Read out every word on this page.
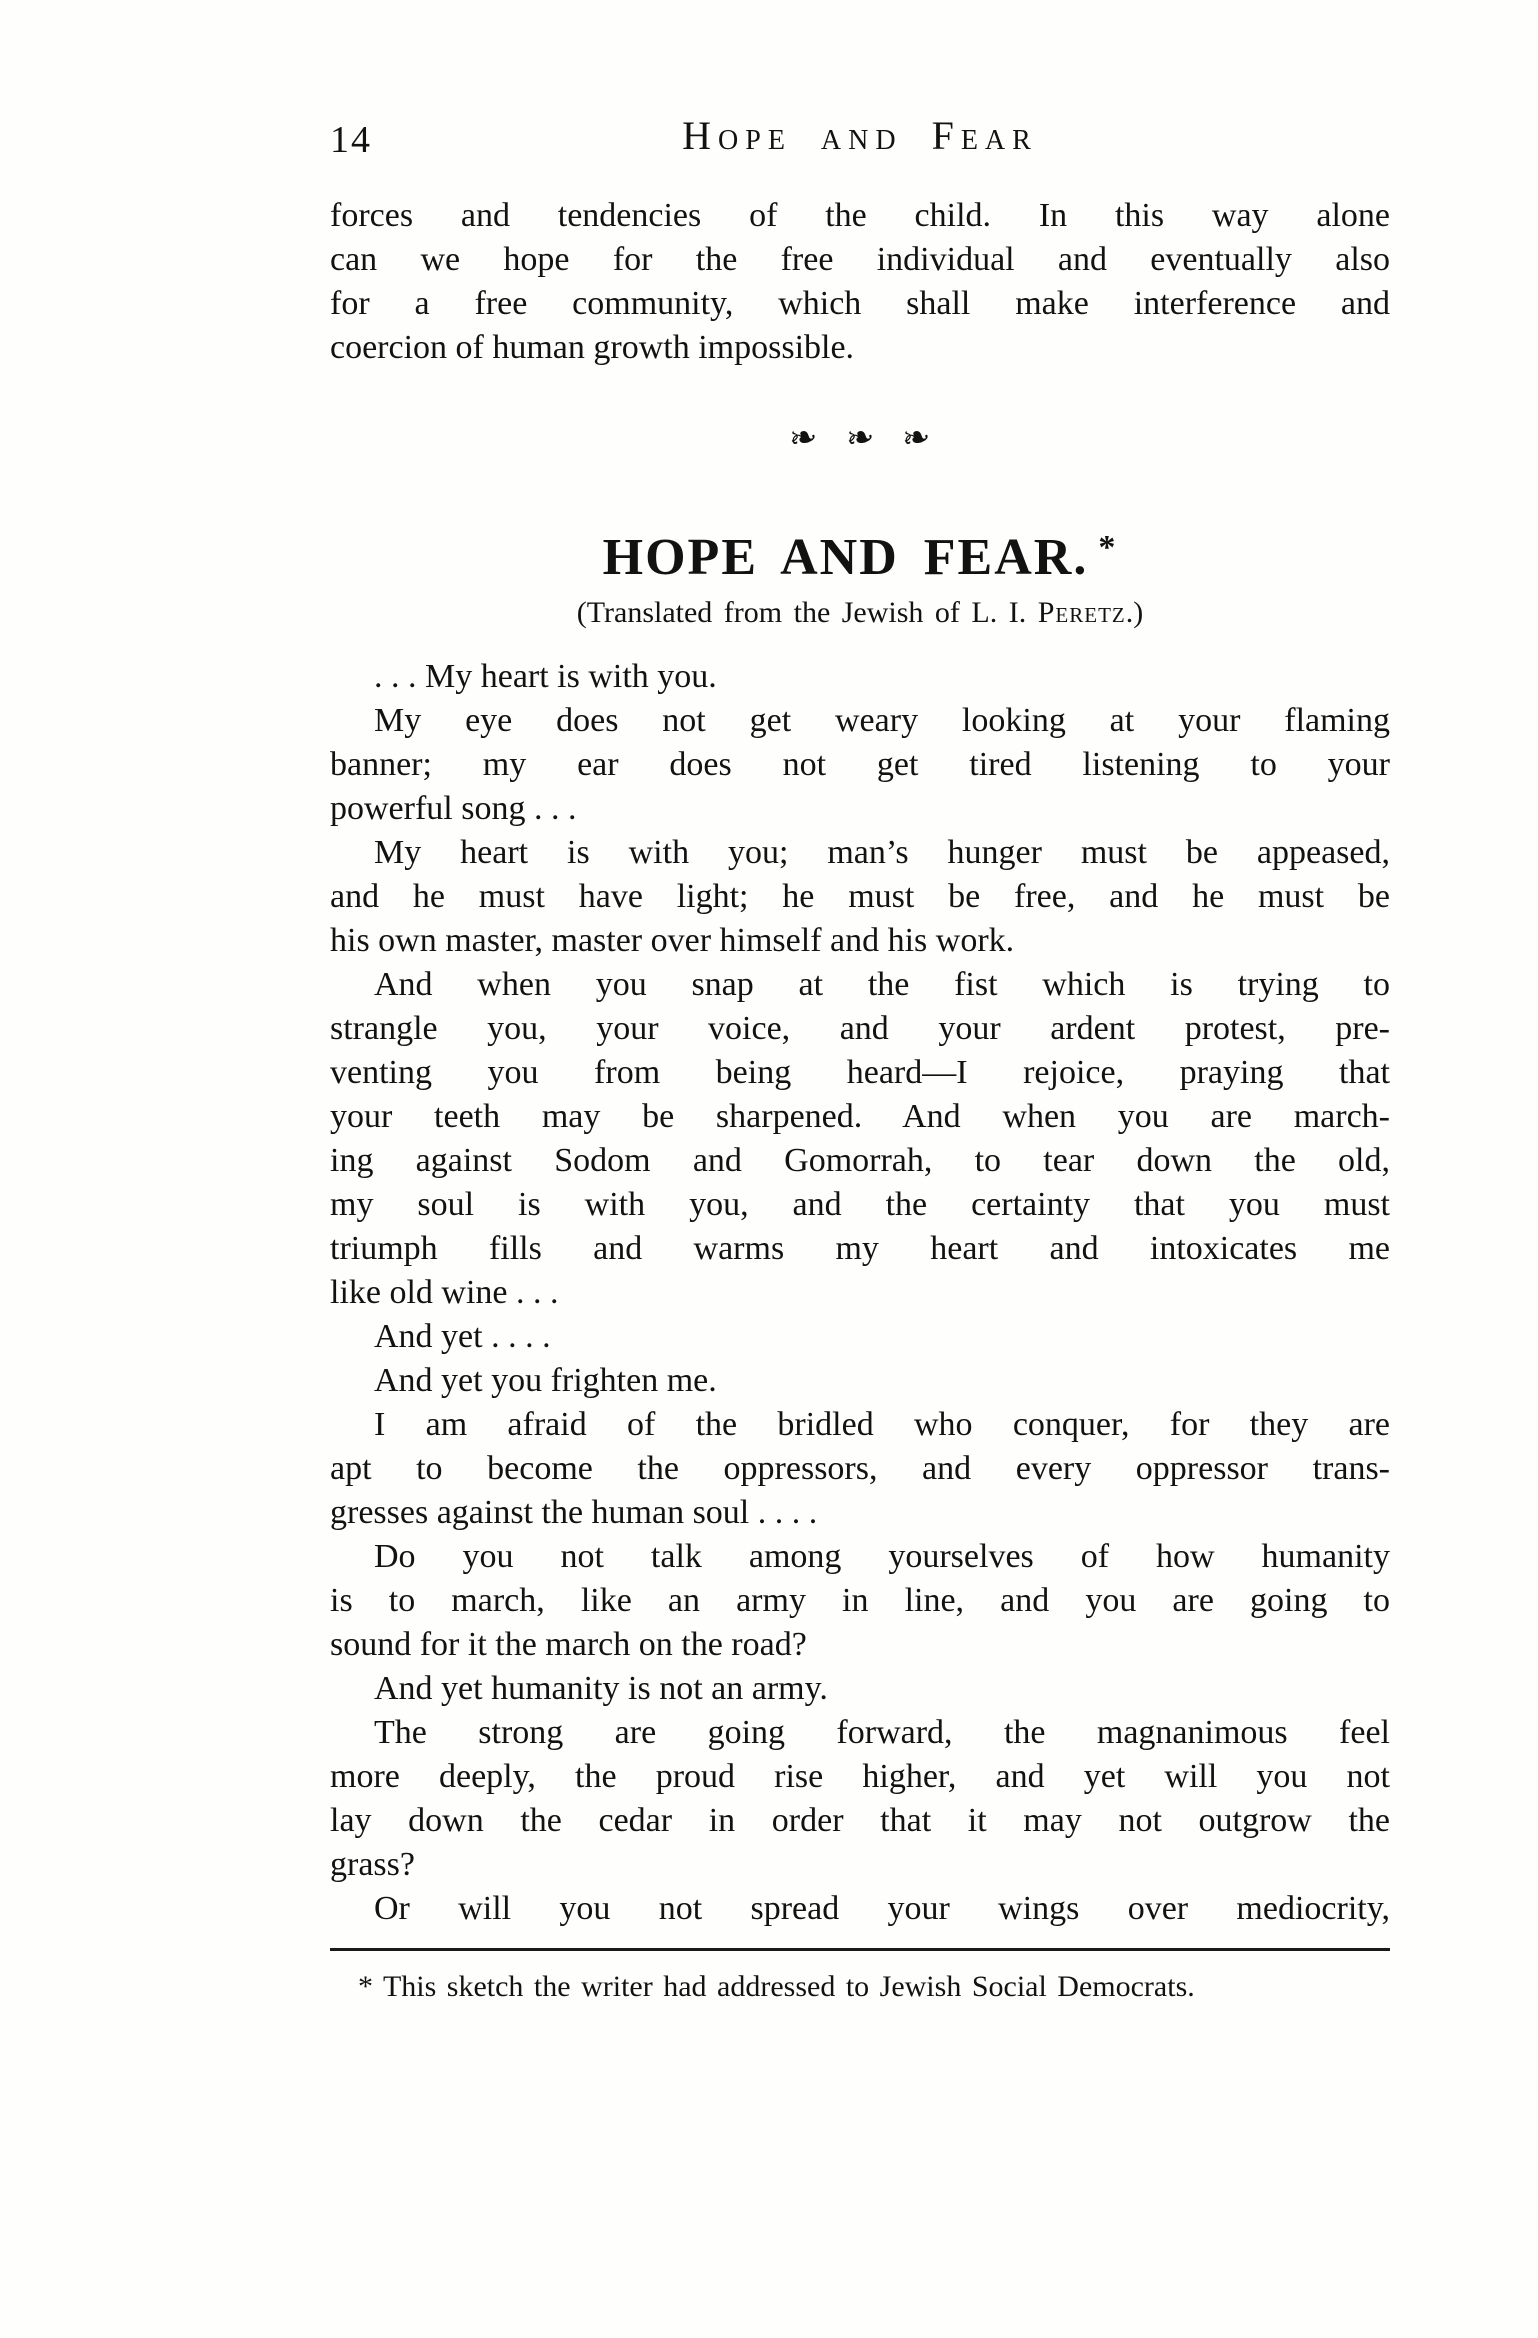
14	Hope and Fear
forces and tendencies of the child. In this way alone
can we hope for the free individual and eventually also
for a free community, which shall make interference and
coercion of human growth impossible.
❧ ❧ ❧
HOPE AND FEAR. *
(Translated from the Jewish of L. I. Peretz.)
. . . My heart is with you.
My eye does not get weary looking at your flaming
banner; my ear does not get tired listening to your
powerful song . . .
My heart is with you; man’s hunger must be appeased,
and he must have light; he must be free, and he must be
his own master, master over himself and his work.
And when you snap at the fist which is trying to
strangle you, your voice, and your ardent protest, pre-
venting you from being heard—I rejoice, praying that
your teeth may be sharpened. And when you are march-
ing against Sodom and Gomorrah, to tear down the old,
my soul is with you, and the certainty that you must
triumph fills and warms my heart and intoxicates me
like old wine . . .
And yet . . . .
And yet you frighten me.
I am afraid of the bridled who conquer, for they are
apt to become the oppressors, and every oppressor trans-
gresses against the human soul . . . .
Do you not talk among yourselves of how humanity
is to march, like an army in line, and you are going to
sound for it the march on the road?
And yet humanity is not an army.
The strong are going forward, the magnanimous feel
more deeply, the proud rise higher, and yet will you not
lay down the cedar in order that it may not outgrow the
grass?
Or will you not spread your wings over mediocrity,
* This sketch the writer had addressed to Jewish Social Democrats.
